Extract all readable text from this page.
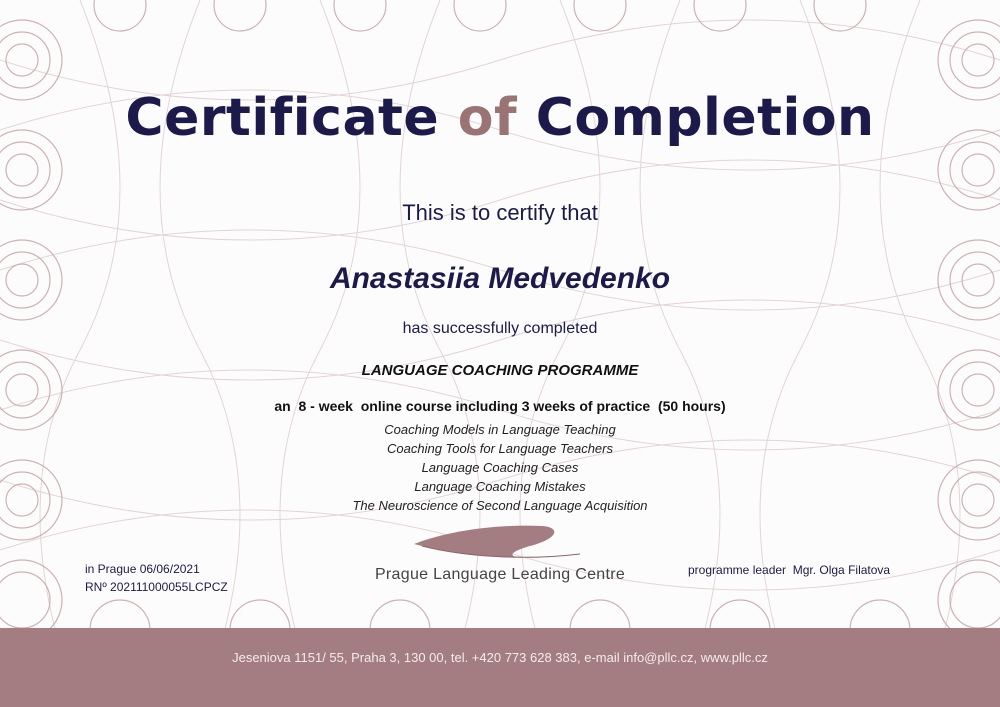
Certificate of Completion
This is to certify that
Anastasiia Medvedenko
has successfully completed
LANGUAGE COACHING PROGRAMME
an  8 - week  online course including 3 weeks of practice  (50 hours)
Coaching Models in Language Teaching
Coaching Tools for Language Teachers
Language Coaching Cases
Language Coaching Mistakes
The Neuroscience of Second Language Acquisition
in Prague 06/06/2021
RNº 202111000055LCPCZ
Prague Language Leading Centre	programme leader  Mgr. Olga Filatova
Jeseniova 1151/ 55, Praha 3, 130 00, tel. +420 773 628 383, e-mail info@pllc.cz, www.pllc.cz
